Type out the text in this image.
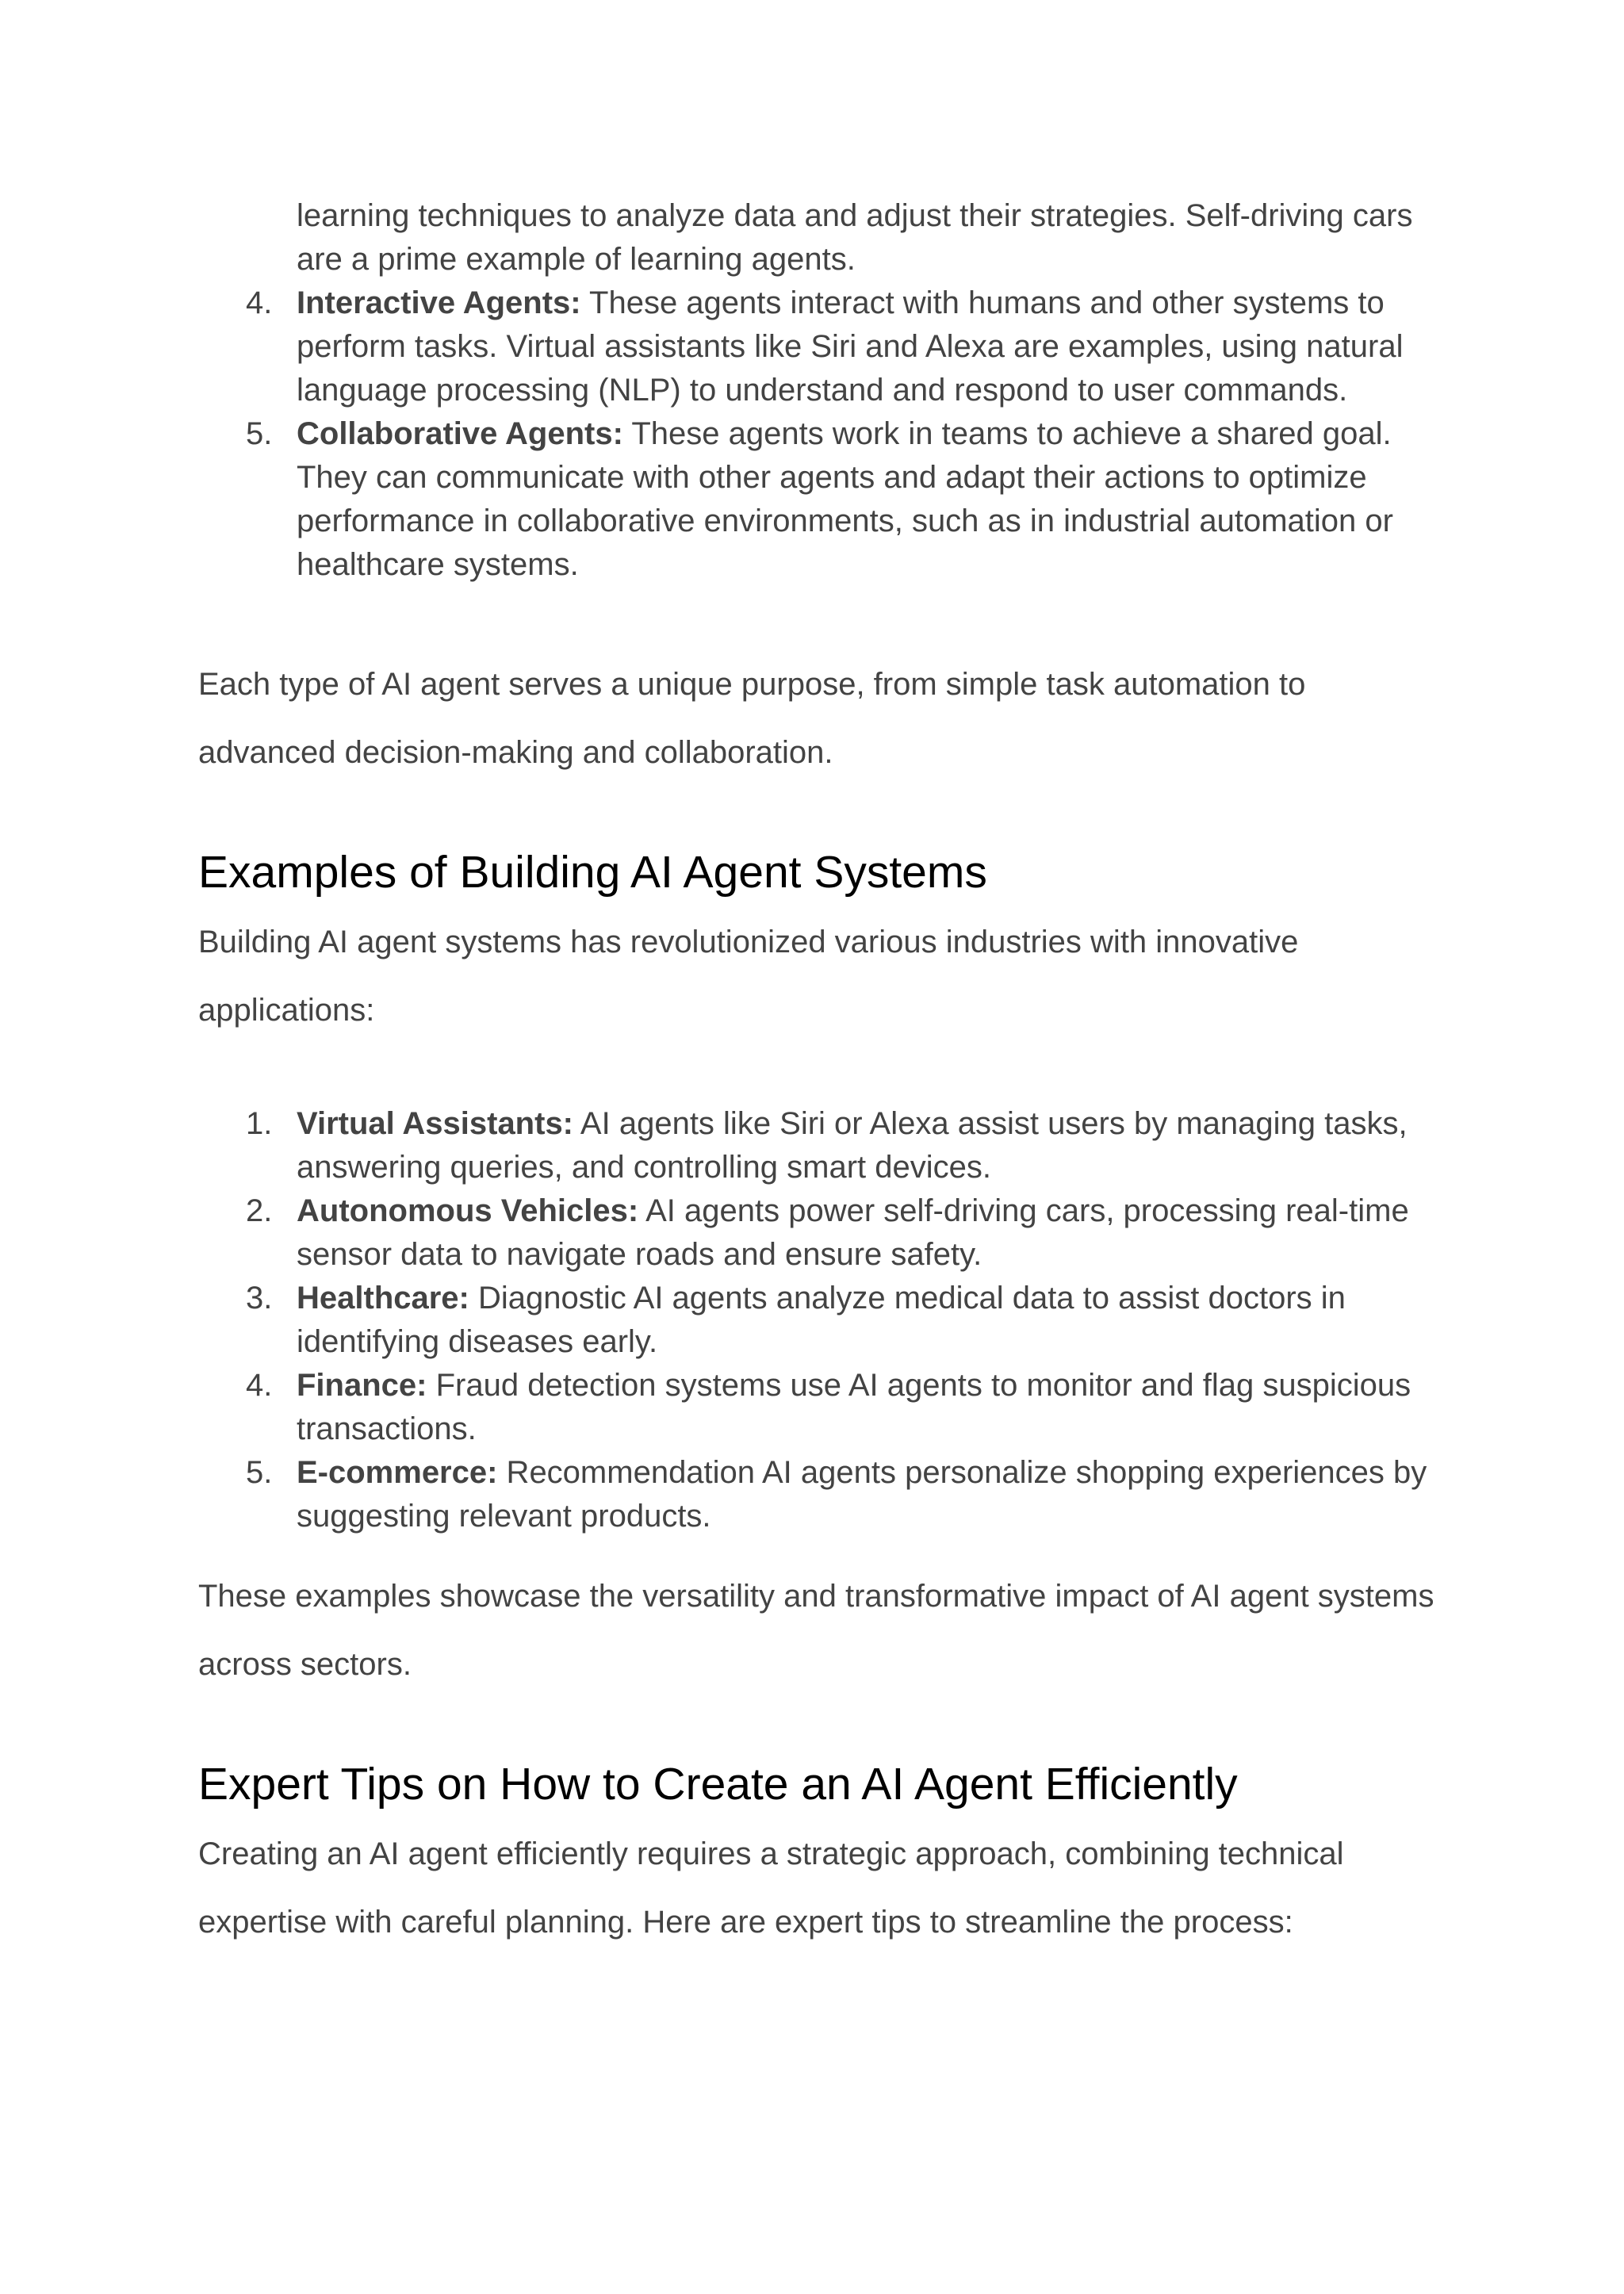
learning techniques to analyze data and adjust their strategies. Self-driving cars are a prime example of learning agents.
4. Interactive Agents: These agents interact with humans and other systems to perform tasks. Virtual assistants like Siri and Alexa are examples, using natural language processing (NLP) to understand and respond to user commands.
5. Collaborative Agents: These agents work in teams to achieve a shared goal. They can communicate with other agents and adapt their actions to optimize performance in collaborative environments, such as in industrial automation or healthcare systems.
Each type of AI agent serves a unique purpose, from simple task automation to advanced decision-making and collaboration.
Examples of Building AI Agent Systems
Building AI agent systems has revolutionized various industries with innovative applications:
1. Virtual Assistants: AI agents like Siri or Alexa assist users by managing tasks, answering queries, and controlling smart devices.
2. Autonomous Vehicles: AI agents power self-driving cars, processing real-time sensor data to navigate roads and ensure safety.
3. Healthcare: Diagnostic AI agents analyze medical data to assist doctors in identifying diseases early.
4. Finance: Fraud detection systems use AI agents to monitor and flag suspicious transactions.
5. E-commerce: Recommendation AI agents personalize shopping experiences by suggesting relevant products.
These examples showcase the versatility and transformative impact of AI agent systems across sectors.
Expert Tips on How to Create an AI Agent Efficiently
Creating an AI agent efficiently requires a strategic approach, combining technical expertise with careful planning. Here are expert tips to streamline the process:
